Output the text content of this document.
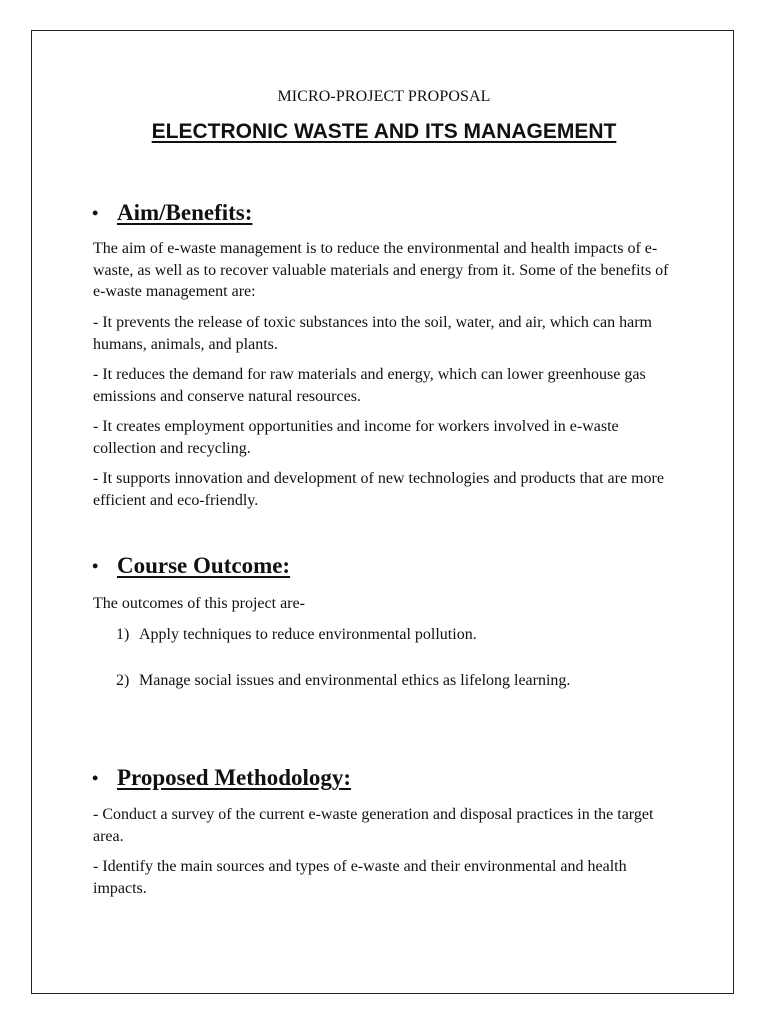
MICRO-PROJECT PROPOSAL
ELECTRONIC WASTE AND ITS MANAGEMENT
• Aim/Benefits:
The aim of e-waste management is to reduce the environmental and health impacts of e-waste, as well as to recover valuable materials and energy from it. Some of the benefits of e-waste management are:
- It prevents the release of toxic substances into the soil, water, and air, which can harm humans, animals, and plants.
- It reduces the demand for raw materials and energy, which can lower greenhouse gas emissions and conserve natural resources.
- It creates employment opportunities and income for workers involved in e-waste collection and recycling.
- It supports innovation and development of new technologies and products that are more efficient and eco-friendly.
• Course Outcome:
The outcomes of this project are-
1) Apply techniques to reduce environmental pollution.
2) Manage social issues and environmental ethics as lifelong learning.
• Proposed Methodology:
- Conduct a survey of the current e-waste generation and disposal practices in the target area.
- Identify the main sources and types of e-waste and their environmental and health impacts.
